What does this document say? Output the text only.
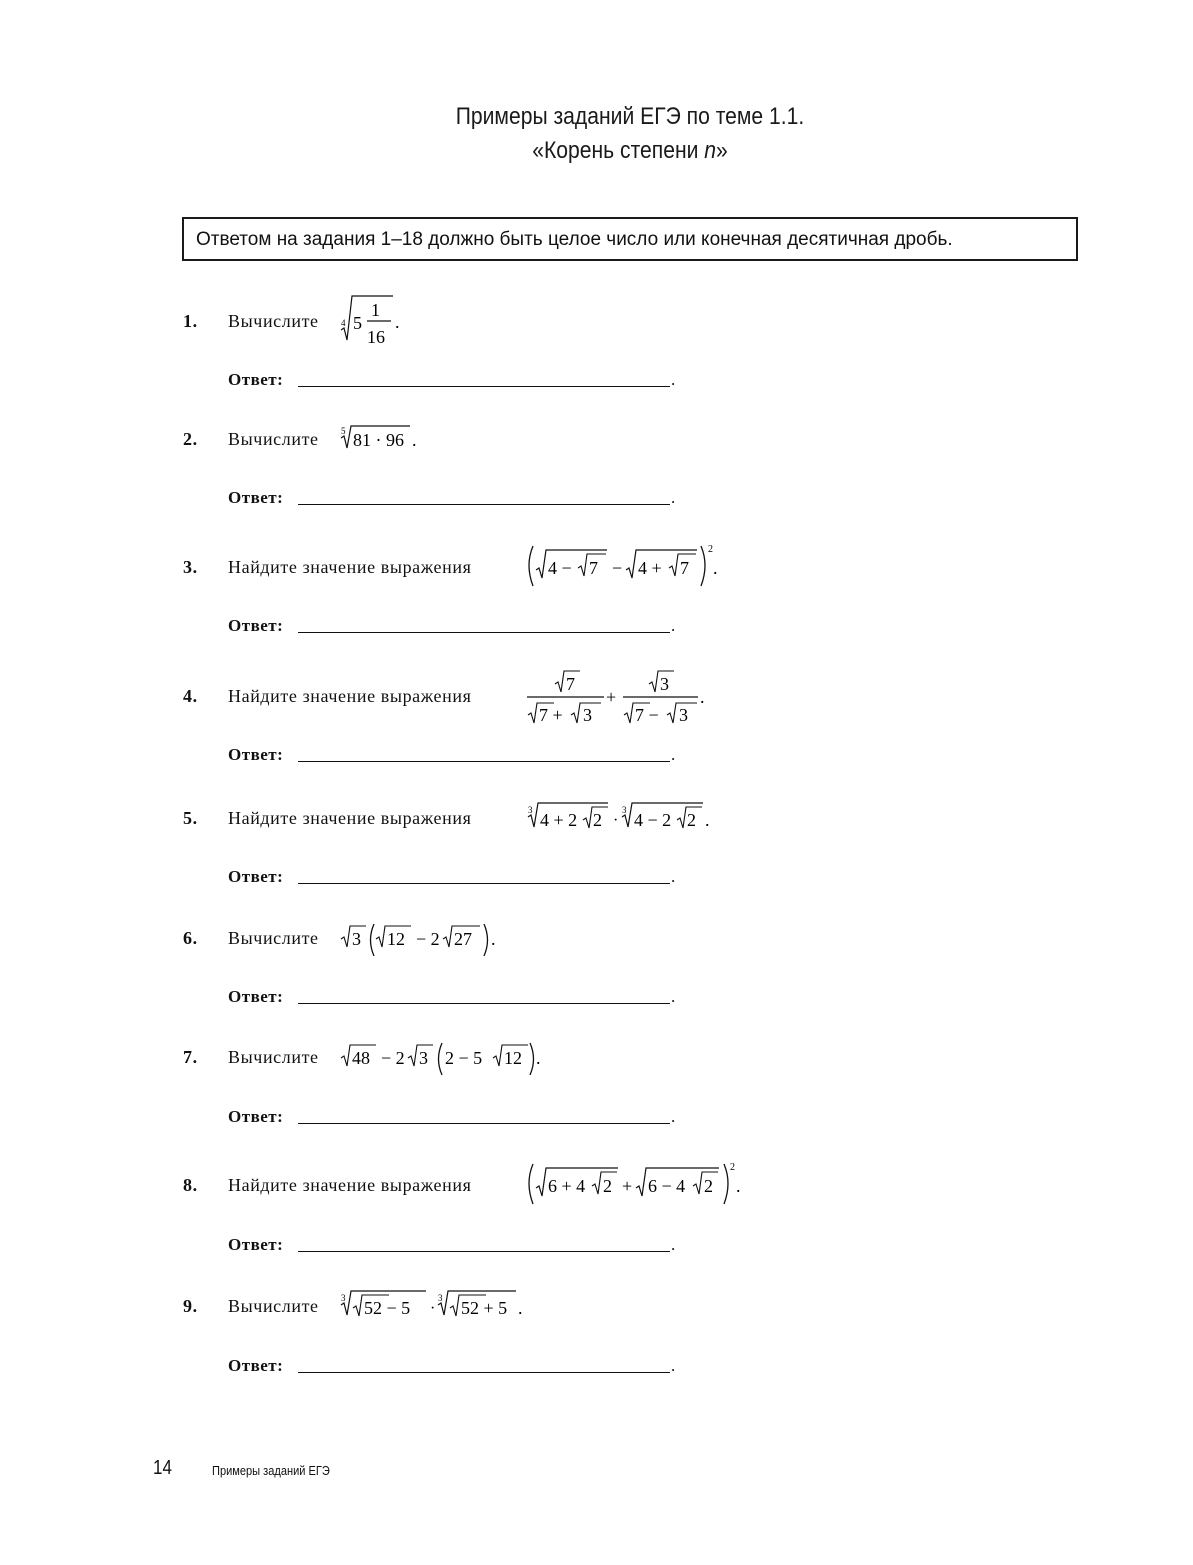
Примеры заданий ЕГЭ по теме 1.1.
«Корень степени n»
Ответом на задания 1–18 должно быть целое число или конечная десятичная дробь.
1. Вычислите 4 5
1
16
.
Ответ:	.
2. Вычислите 5 81 · 96 .
Ответ:	.
3. Найдите значение выражения	4 − 7 − 4 + 7
2
.
Ответ:	.
4. Найдите значение выражения
7
7 + 3
+
3
7 − 3
.
Ответ:	.
5. Найдите значение выражения	3 4 + 2 2 ·
3 4 − 2 2 .
Ответ:	.
6. Вычислите 3 12 − 2 27 .
Ответ:	.
7. Вычислите 48 − 2 3 2 − 5 12 .
Ответ:	.
8. Найдите значение выражения	6 + 4 2 + 6 − 4 2
2
.
Ответ:	.
9. Вычислите 3 52 − 5 ·
3 52 + 5 .
Ответ:	.
14	Примеры заданий ЕГЭ
